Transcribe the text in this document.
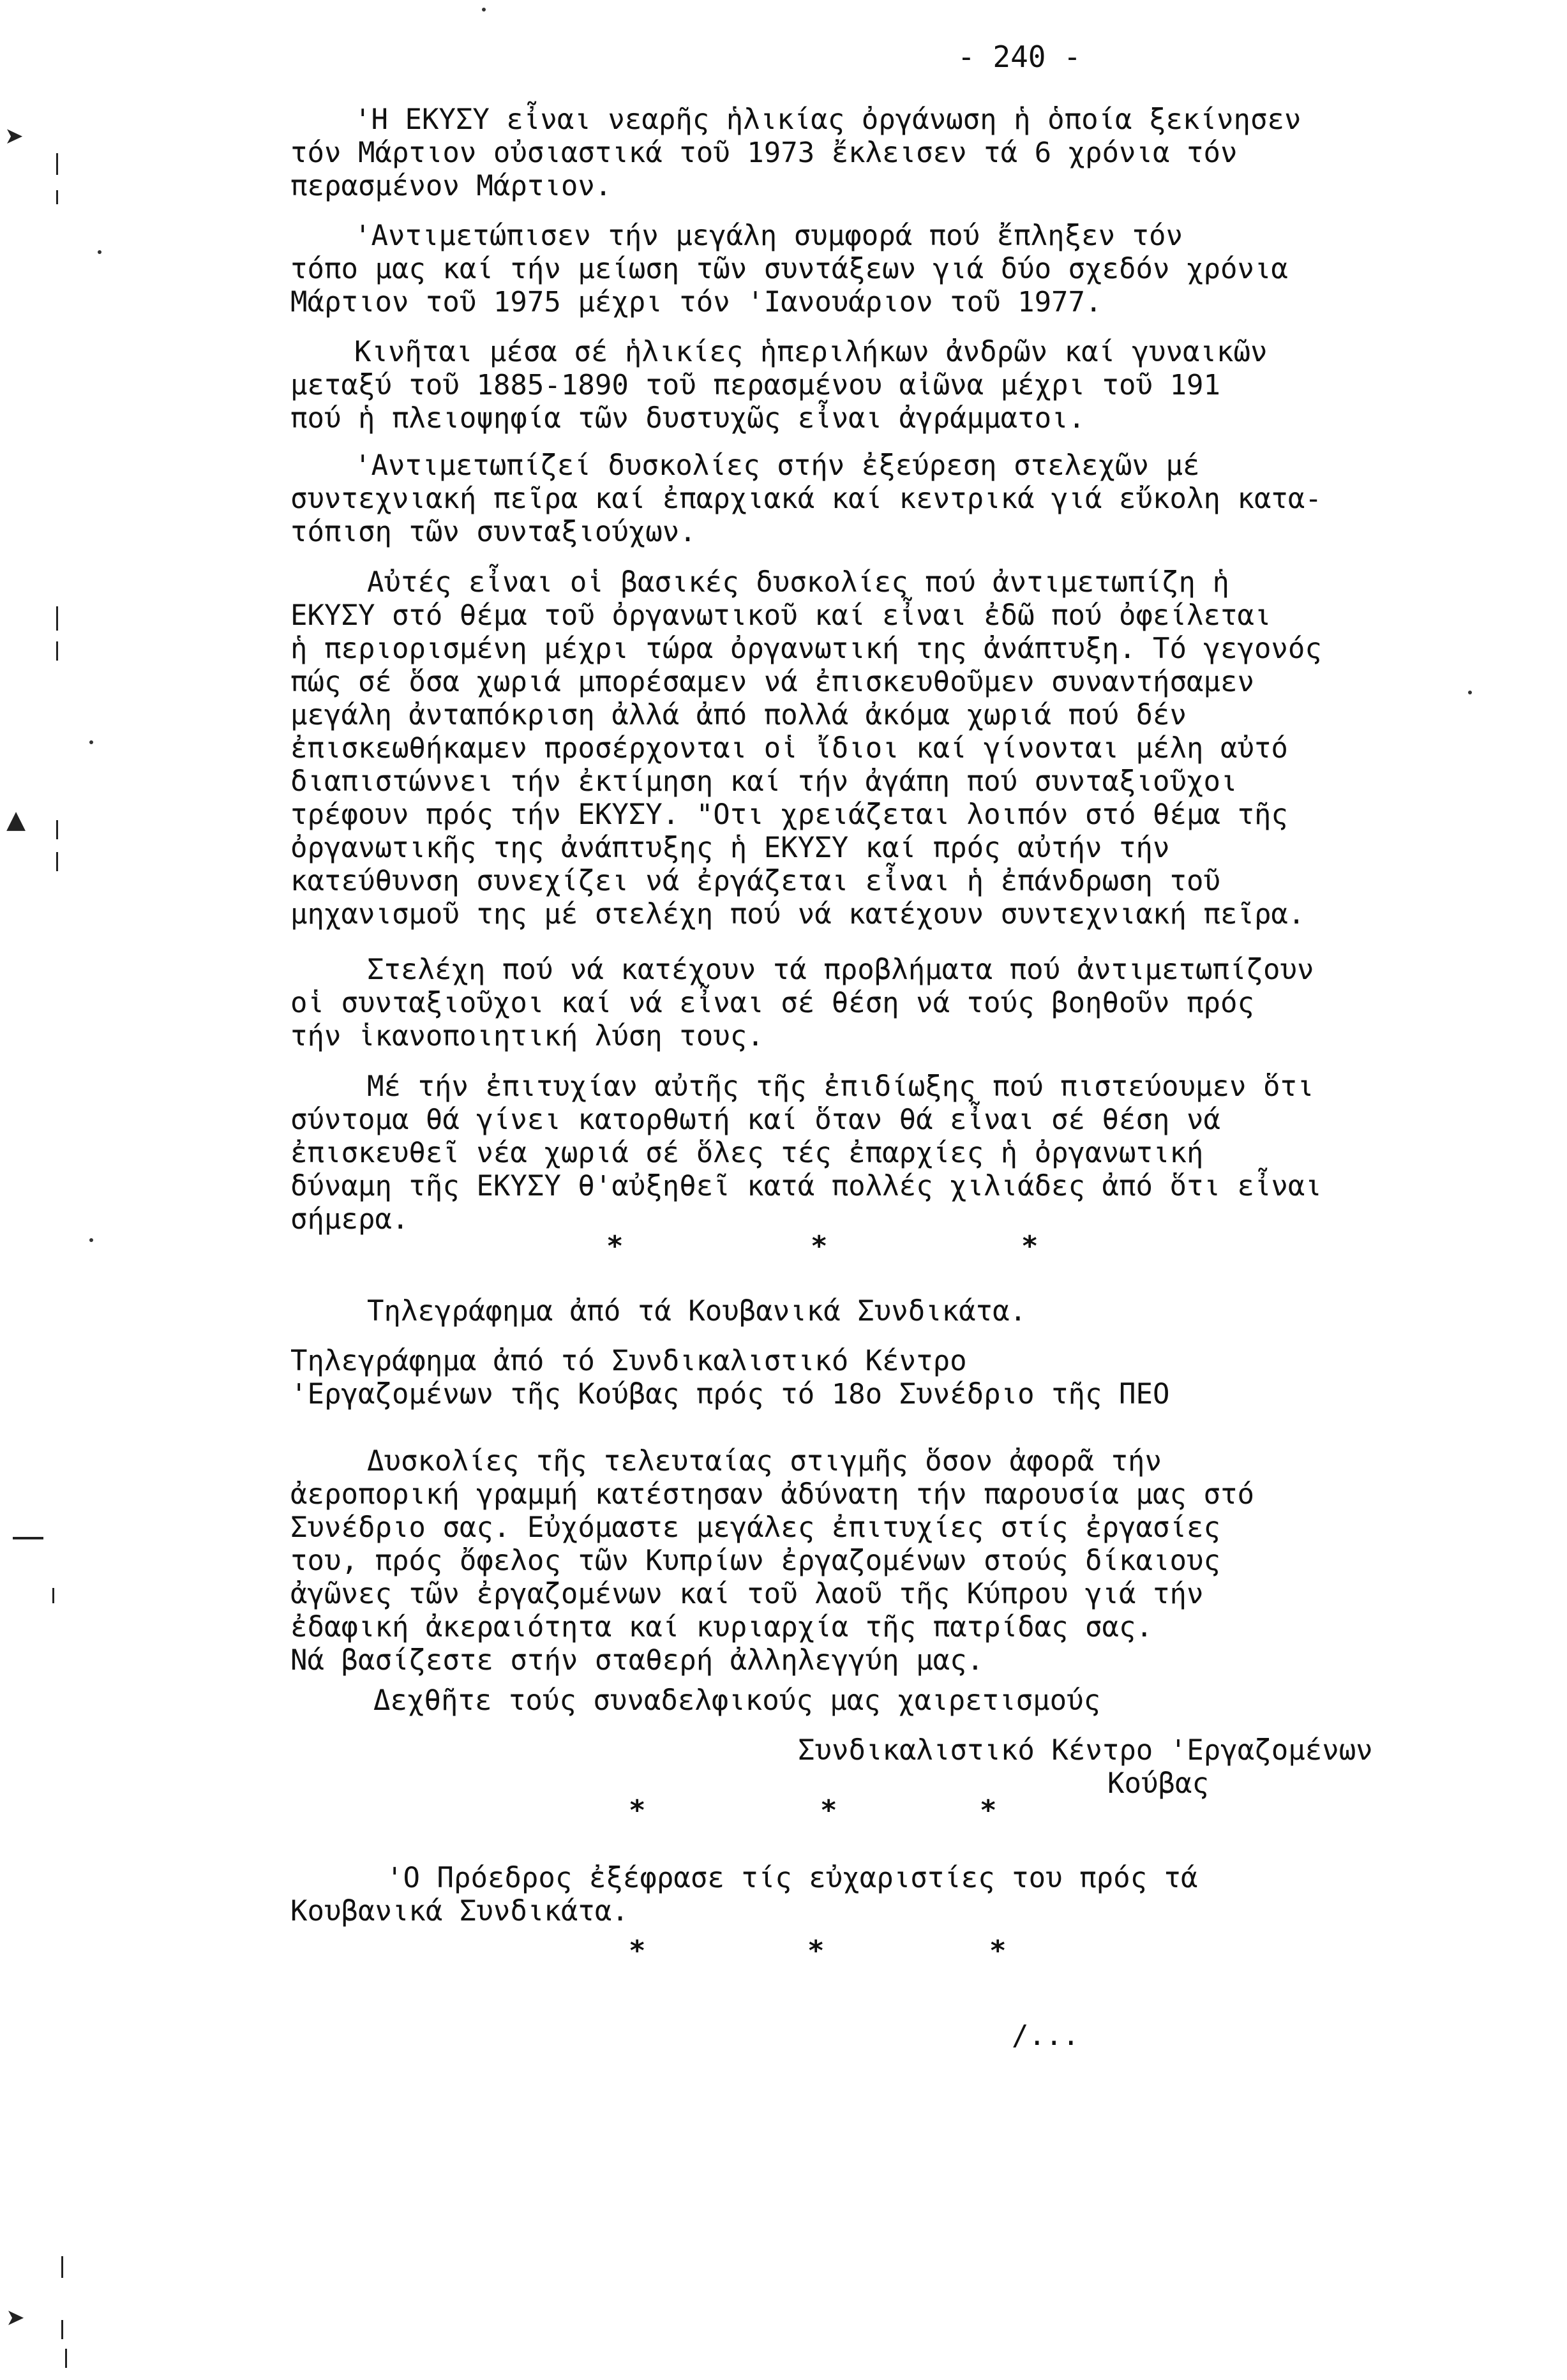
- 240 -
'Η ΕΚΥΣΥ εἶναι νεαρῆς ἡλικίας ὀργάνωση ἡ ὁποία ξεκίνησεν
τόν Μάρτιον οὐσιαστικά τοῦ 1973 ἔκλεισεν τά 6 χρόνια τόν
περασμένον Μάρτιον.
'Αντιμετώπισεν τήν μεγάλη συμφορά πού ἔπληξεν τόν
τόπο μας καί τήν μείωση τῶν συντάξεων γιά δύο σχεδόν χρόνια
Μάρτιον τοῦ 1975 μέχρι τόν 'Ιανουάριον τοῦ 1977.
Κινῆται μέσα σέ ἡλικίες ἡπεριλήκων ἀνδρῶν καί γυναικῶν
μεταξύ τοῦ 1885-1890 τοῦ περασμένου αἰῶνα μέχρι τοῦ 191
πού ἡ πλειοψηφία τῶν δυστυχῶς εἶναι ἀγράμματοι.
'Αντιμετωπίζεί δυσκολίες στήν ἐξεύρεση στελεχῶν μέ
συντεχνιακή πεῖρα καί ἐπαρχιακά καί κεντρικά γιά εὔκολη κατα-
τόπιση τῶν συνταξιούχων.
Αὐτές εἶναι οἱ βασικές δυσκολίες πού ἀντιμετωπίζη ἡ
ΕΚΥΣΥ στό θέμα τοῦ ὀργανωτικοῦ καί εἶναι ἐδῶ πού ὀφείλεται
ἡ περιορισμένη μέχρι τώρα ὀργανωτική της ἀνάπτυξη. Τό γεγονός
πώς σέ ὅσα χωριά μπορέσαμεν νά ἐπισκευθοῦμεν συναντήσαμεν
μεγάλη ἀνταπόκριση ἀλλά ἀπό πολλά ἀκόμα χωριά πού δέν
ἐπισκεωθήκαμεν προσέρχονται οἱ ἴδιοι καί γίνονται μέλη αὐτό
διαπιστώννει τήν ἐκτίμηση καί τήν ἀγάπη πού συνταξιοῦχοι
τρέφουν πρός τήν ΕΚΥΣΥ. "Οτι χρειάζεται λοιπόν στό θέμα τῆς
ὀργανωτικῆς της ἀνάπτυξης ἡ ΕΚΥΣΥ καί πρός αὐτήν τήν
κατεύθυνση συνεχίζει νά ἐργάζεται εἶναι ἡ ἐπάνδρωση τοῦ
μηχανισμοῦ της μέ στελέχη πού νά κατέχουν συντεχνιακή πεῖρα.
Στελέχη πού νά κατέχουν τά προβλήματα πού ἀντιμετωπίζουν
οἱ συνταξιοῦχοι καί νά εἶναι σέ θέση νά τούς βοηθοῦν πρός
τήν ἱκανοποιητική λύση τους.
Μέ τήν ἐπιτυχίαν αὐτῆς τῆς ἐπιδίωξης πού πιστεύουμεν ὅτι
σύντομα θά γίνει κατορθωτή καί ὅταν θά εἶναι σέ θέση νά
ἐπισκευθεῖ νέα χωριά σέ ὅλες τές ἐπαρχίες ἡ ὀργανωτική
δύναμη τῆς ΕΚΥΣΥ θ'αὐξηθεῖ κατά πολλές χιλιάδες ἀπό ὅτι εἶναι
σήμερα.
*	*	*
Τηλεγράφημα ἀπό τά Κουβανικά Συνδικάτα.
Τηλεγράφημα ἀπό τό Συνδικαλιστικό Κέντρο
'Εργαζομένων τῆς Κούβας πρός τό 18ο Συνέδριο τῆς ΠΕΟ
Δυσκολίες τῆς τελευταίας στιγμῆς ὅσον ἀφορᾶ τήν
ἀεροπορική γραμμή κατέστησαν ἀδύνατη τήν παρουσία μας στό
Συνέδριο σας. Εὐχόμαστε μεγάλες ἐπιτυχίες στίς ἐργασίες
του, πρός ὄφελος τῶν Κυπρίων ἐργαζομένων στούς δίκαιους
ἀγῶνες τῶν ἐργαζομένων καί τοῦ λαοῦ τῆς Κύπρου γιά τήν
ἐδαφική ἀκεραιότητα καί κυριαρχία τῆς πατρίδας σας.
Νά βασίζεστε στήν σταθερή ἀλληλεγγύη μας.
Δεχθῆτε τούς συναδελφικούς μας χαιρετισμούς
Συνδικαλιστικό Κέντρο 'Εργαζομένων
Κούβας
*	*	*
'Ο Πρόεδρος ἐξέφρασε τίς εὐχαριστίες του πρός τά
Κουβανικά Συνδικάτα.
*	*	*
/...
➤
▲
➤
